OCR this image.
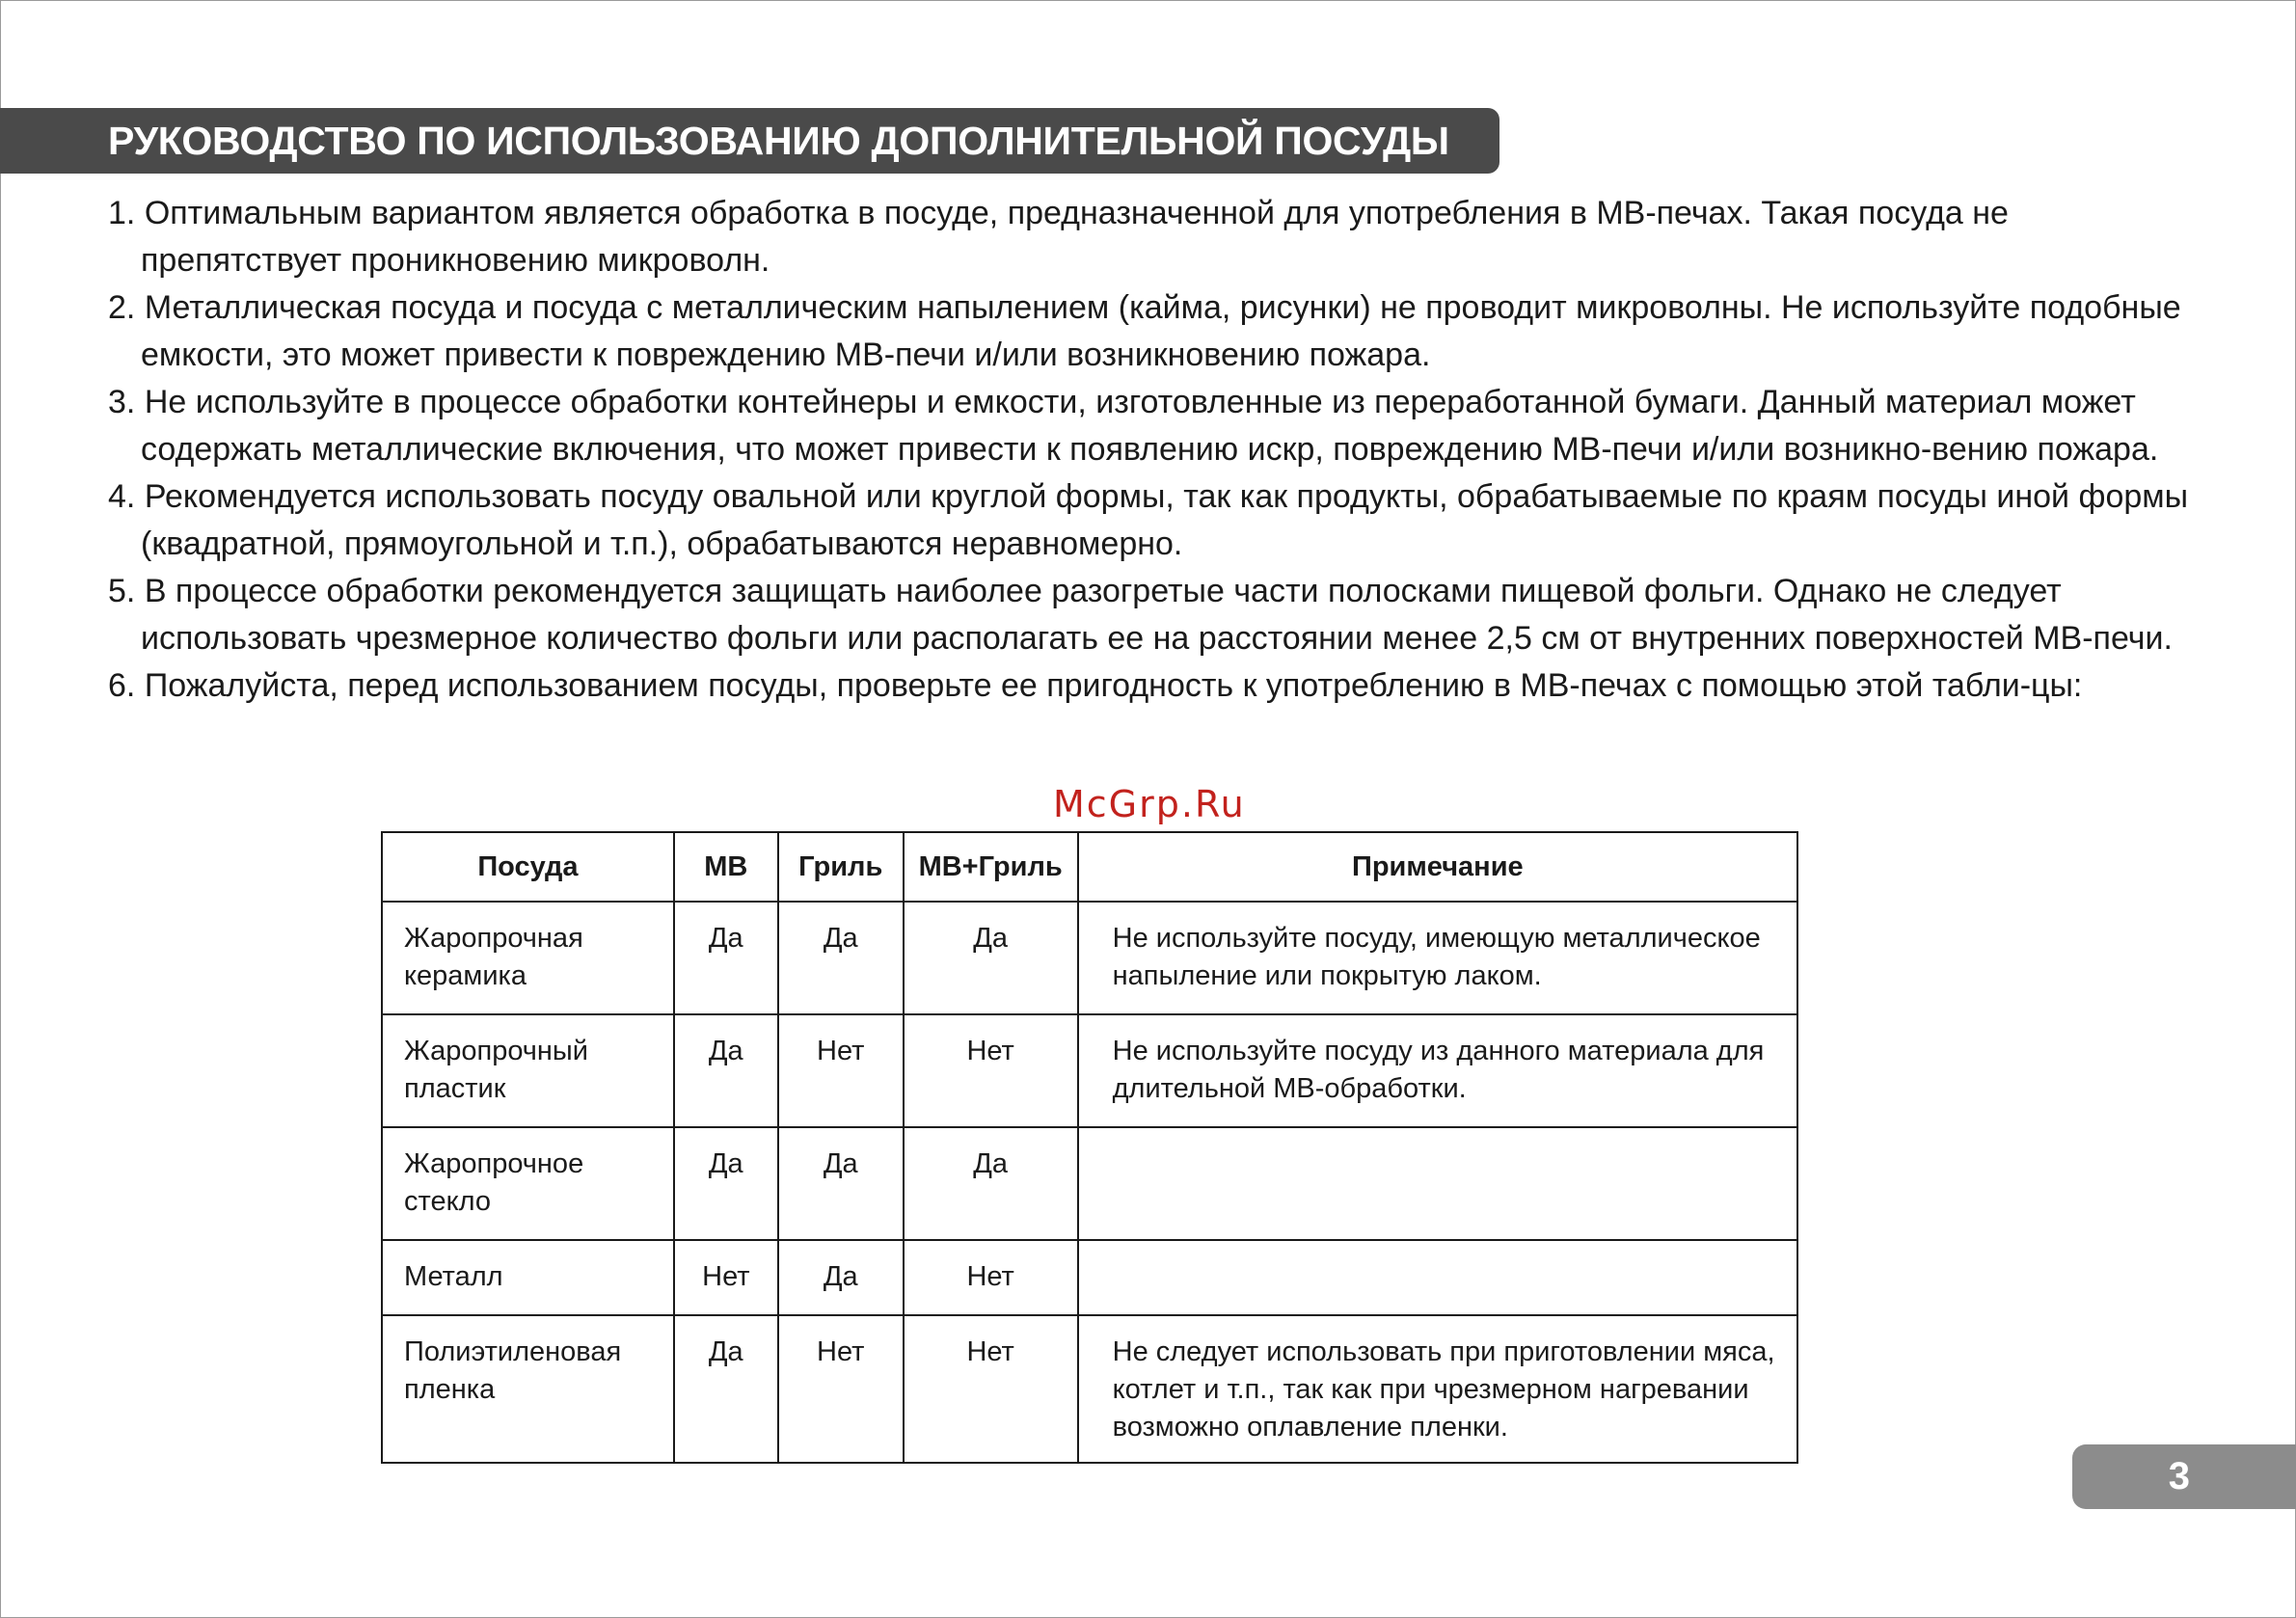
РУКОВОДСТВО ПО ИСПОЛЬЗОВАНИЮ ДОПОЛНИТЕЛЬНОЙ ПОСУДЫ

1. Оптимальным вариантом является обработка в посуде, предназначенной для употребления в МВ-печах. Такая посуда не препятствует проникновению микроволн.

2. Металлическая посуда и посуда с металлическим напылением (кайма, рисунки) не проводит микроволны. Не используйте подобные емкости, это может привести к повреждению МВ-печи и/или возникновению пожара.

3. Не используйте в процессе обработки контейнеры и емкости, изготовленные из переработанной бумаги. Данный материал может содержать металлические включения, что может привести к появлению искр, повреждению МВ-печи и/или возникно-вению пожара.

4. Рекомендуется использовать посуду овальной или круглой формы, так как продукты, обрабатываемые по краям посуды иной формы (квадратной, прямоугольной и т.п.), обрабатываются неравномерно.

5. В процессе обработки рекомендуется защищать наиболее разогретые части полосками пищевой фольги. Однако не следует использовать чрезмерное количество фольги или располагать ее на расстоянии менее 2,5 см от внутренних поверхностей МВ-печи.

6. Пожалуйста, перед использованием посуды, проверьте ее пригодность к употреблению в МВ-печах с помощью этой табли-цы:

McGrp.Ru
Посуда	МВ	Гриль	МВ+Гриль	Примечание
Жаропрочная керамика	Да	Да	Да	Не используйте посуду, имеющую металлическое напыление или покрытую лаком.
Жаропрочный пластик	Да	Нет	Нет	Не используйте посуду из данного материала для длительной МВ-обработки.
Жаропрочное стекло	Да	Да	Да	
Металл	Нет	Да	Нет	
Полиэтиленовая пленка	Да	Нет	Нет	Не следует использовать при приготовлении мяса, котлет и т.п., так как при чрезмерном нагревании возможно оплавление пленки.
3
